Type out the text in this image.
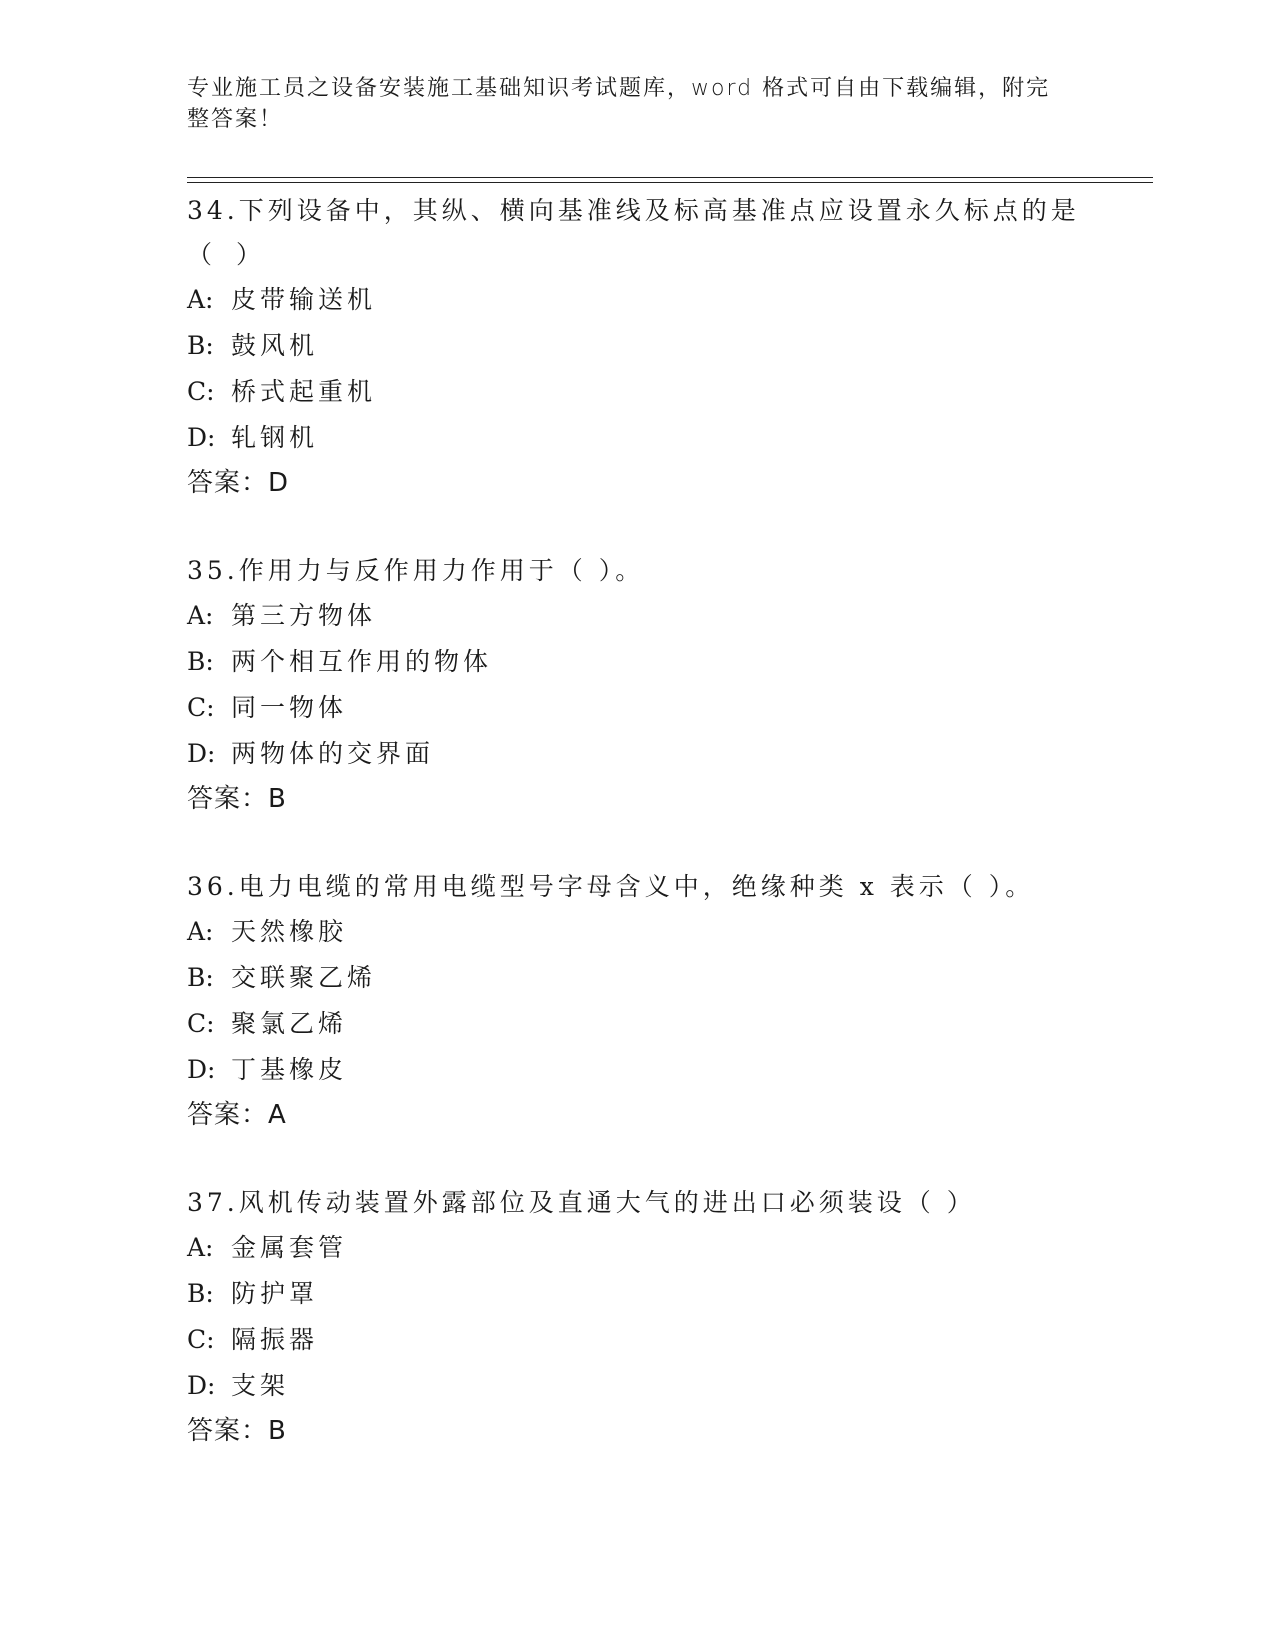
专业施工员之设备安装施工基础知识考试题库，word 格式可自由下载编辑，附完
整答案！
34.下列设备中，其纵、横向基准线及标高基准点应设置永久标点的是
（ ）
A: 皮带输送机
B: 鼓风机
C: 桥式起重机
D: 轧钢机
答案：D
35.作用力与反作用力作用于（ ）。
A: 第三方物体
B: 两个相互作用的物体
C: 同一物体
D: 两物体的交界面
答案：B
36.电力电缆的常用电缆型号字母含义中，绝缘种类 x 表示（ ）。
A: 天然橡胶
B: 交联聚乙烯
C: 聚氯乙烯
D: 丁基橡皮
答案：A
37.风机传动装置外露部位及直通大气的进出口必须装设（ ）
A: 金属套管
B: 防护罩
C: 隔振器
D: 支架
答案：B
